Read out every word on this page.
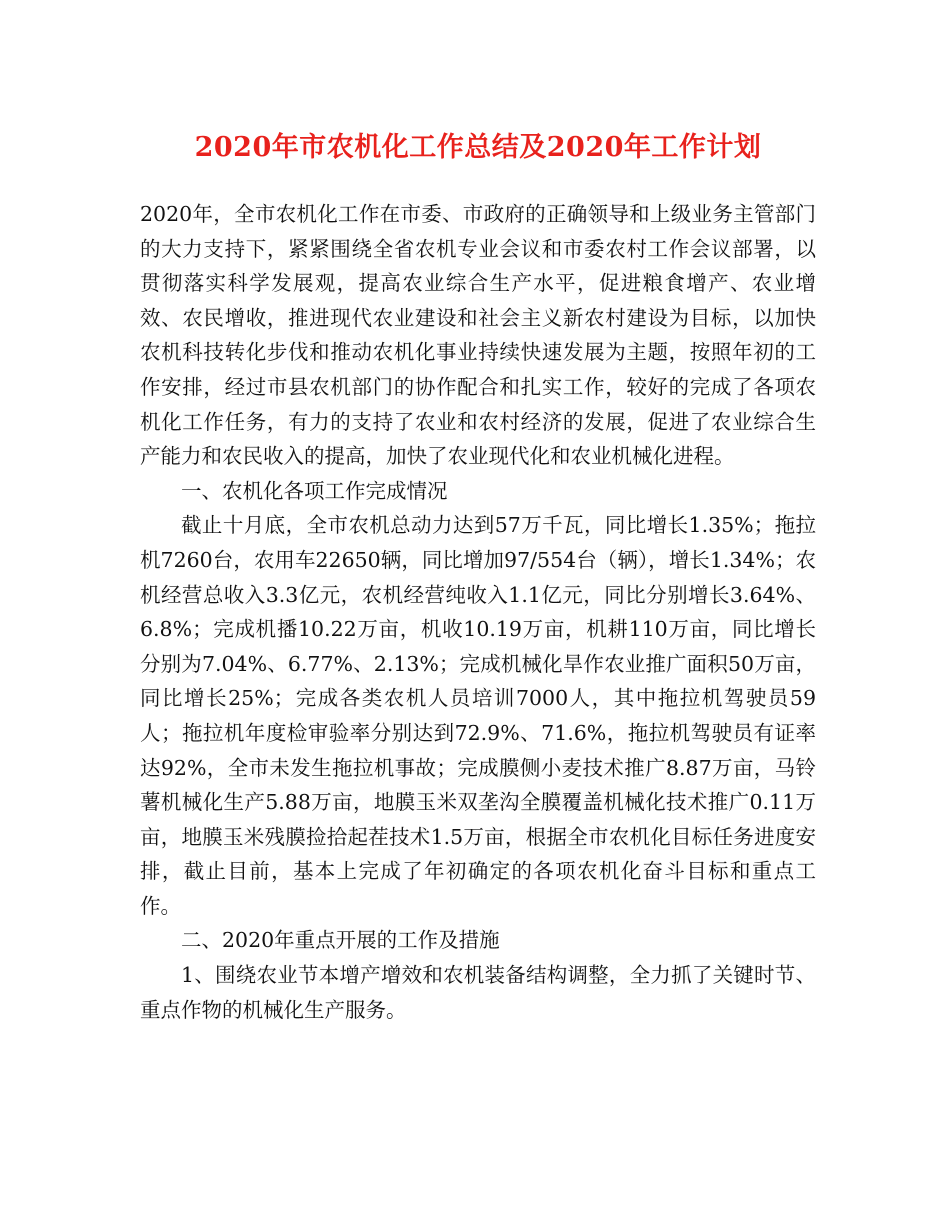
2020年市农机化工作总结及2020年工作计划

2020年，全市农机化工作在市委、市政府的正确领导和上级业务主管部门的大力支持下，紧紧围绕全省农机专业会议和市委农村工作会议部署，以贯彻落实科学发展观，提高农业综合生产水平，促进粮食增产、农业增效、农民增收，推进现代农业建设和社会主义新农村建设为目标，以加快农机科技转化步伐和推动农机化事业持续快速发展为主题，按照年初的工作安排，经过市县农机部门的协作配合和扎实工作，较好的完成了各项农机化工作任务，有力的支持了农业和农村经济的发展，促进了农业综合生产能力和农民收入的提高，加快了农业现代化和农业机械化进程。

一、农机化各项工作完成情况

截止十月底，全市农机总动力达到57万千瓦，同比增长1.35%；拖拉机7260台，农用车22650辆，同比增加97/554台（辆），增长1.34%；农机经营总收入3.3亿元，农机经营纯收入1.1亿元，同比分别增长3.64%、6.8%；完成机播10.22万亩，机收10.19万亩，机耕110万亩，同比增长分别为7.04%、6.77%、2.13%；完成机械化旱作农业推广面积50万亩，同比增长25%；完成各类农机人员培训7000人，其中拖拉机驾驶员59人；拖拉机年度检审验率分别达到72.9%、71.6%，拖拉机驾驶员有证率达92%，全市未发生拖拉机事故；完成膜侧小麦技术推广8.87万亩，马铃薯机械化生产5.88万亩，地膜玉米双垄沟全膜覆盖机械化技术推广0.11万亩，地膜玉米残膜捡拾起茬技术1.5万亩，根据全市农机化目标任务进度安排，截止目前，基本上完成了年初确定的各项农机化奋斗目标和重点工作。

二、2020年重点开展的工作及措施

1、围绕农业节本增产增效和农机装备结构调整，全力抓了关键时节、重点作物的机械化生产服务。
